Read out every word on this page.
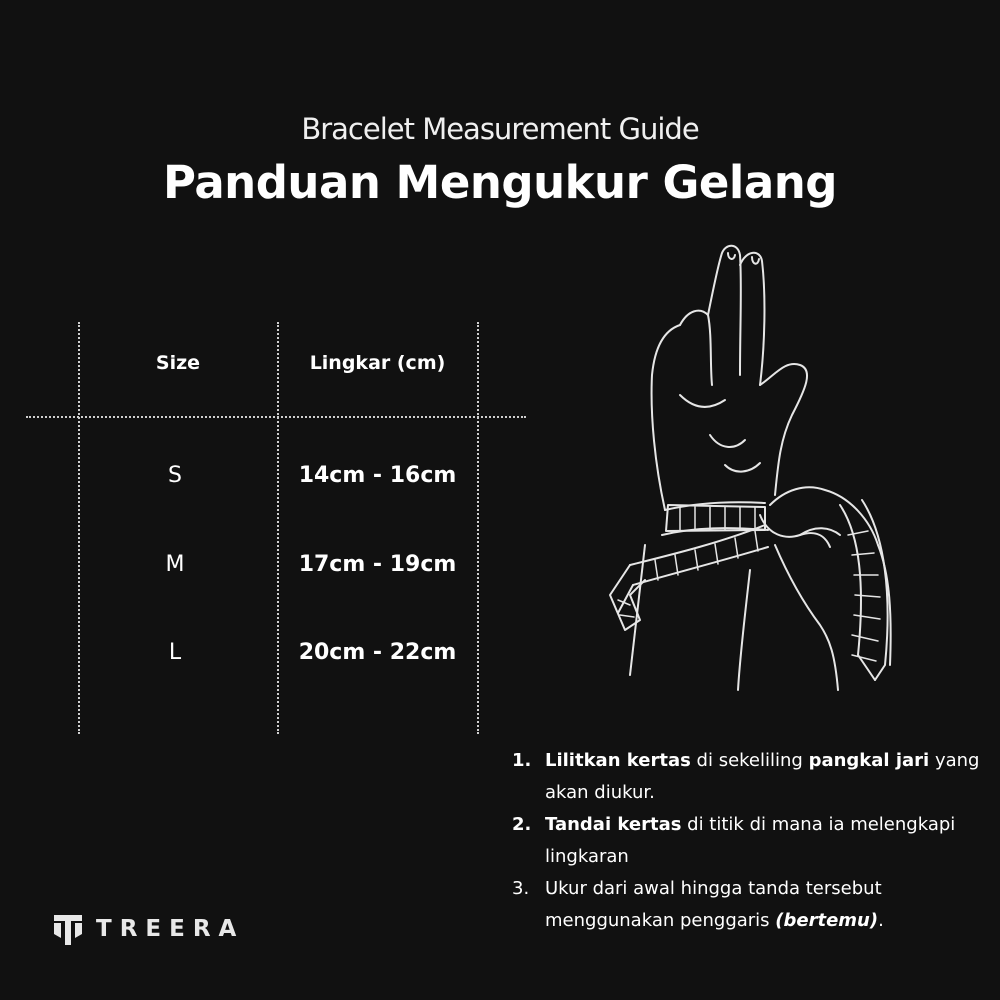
Bracelet Measurement Guide
Panduan Mengukur Gelang
Size	Lingkar (cm)
S	14cm - 16cm
M	17cm - 19cm
L	20cm - 22cm
1. Lilitkan kertas di sekeliling pangkal jari yang akan diukur.
2. Tandai kertas di titik di mana ia melengkapi lingkaran
3. Ukur dari awal hingga tanda tersebut menggunakan penggaris (bertemu).
TREERA
